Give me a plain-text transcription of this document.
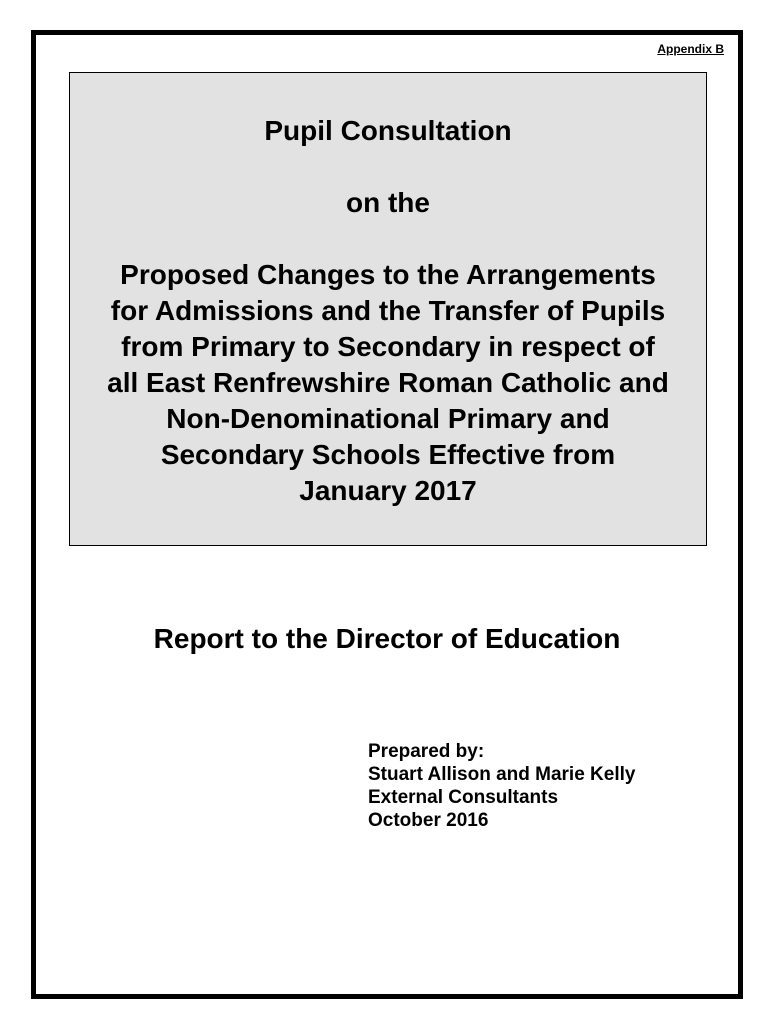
Appendix B

Pupil Consultation

on the

Proposed Changes to the Arrangements
for Admissions and the Transfer of Pupils
from Primary to Secondary in respect of
all East Renfrewshire Roman Catholic and
Non-Denominational Primary and
Secondary Schools Effective from
January 2017

Report to the Director of Education

Prepared by:

Stuart Allison and Marie Kelly

External Consultants

October 2016
